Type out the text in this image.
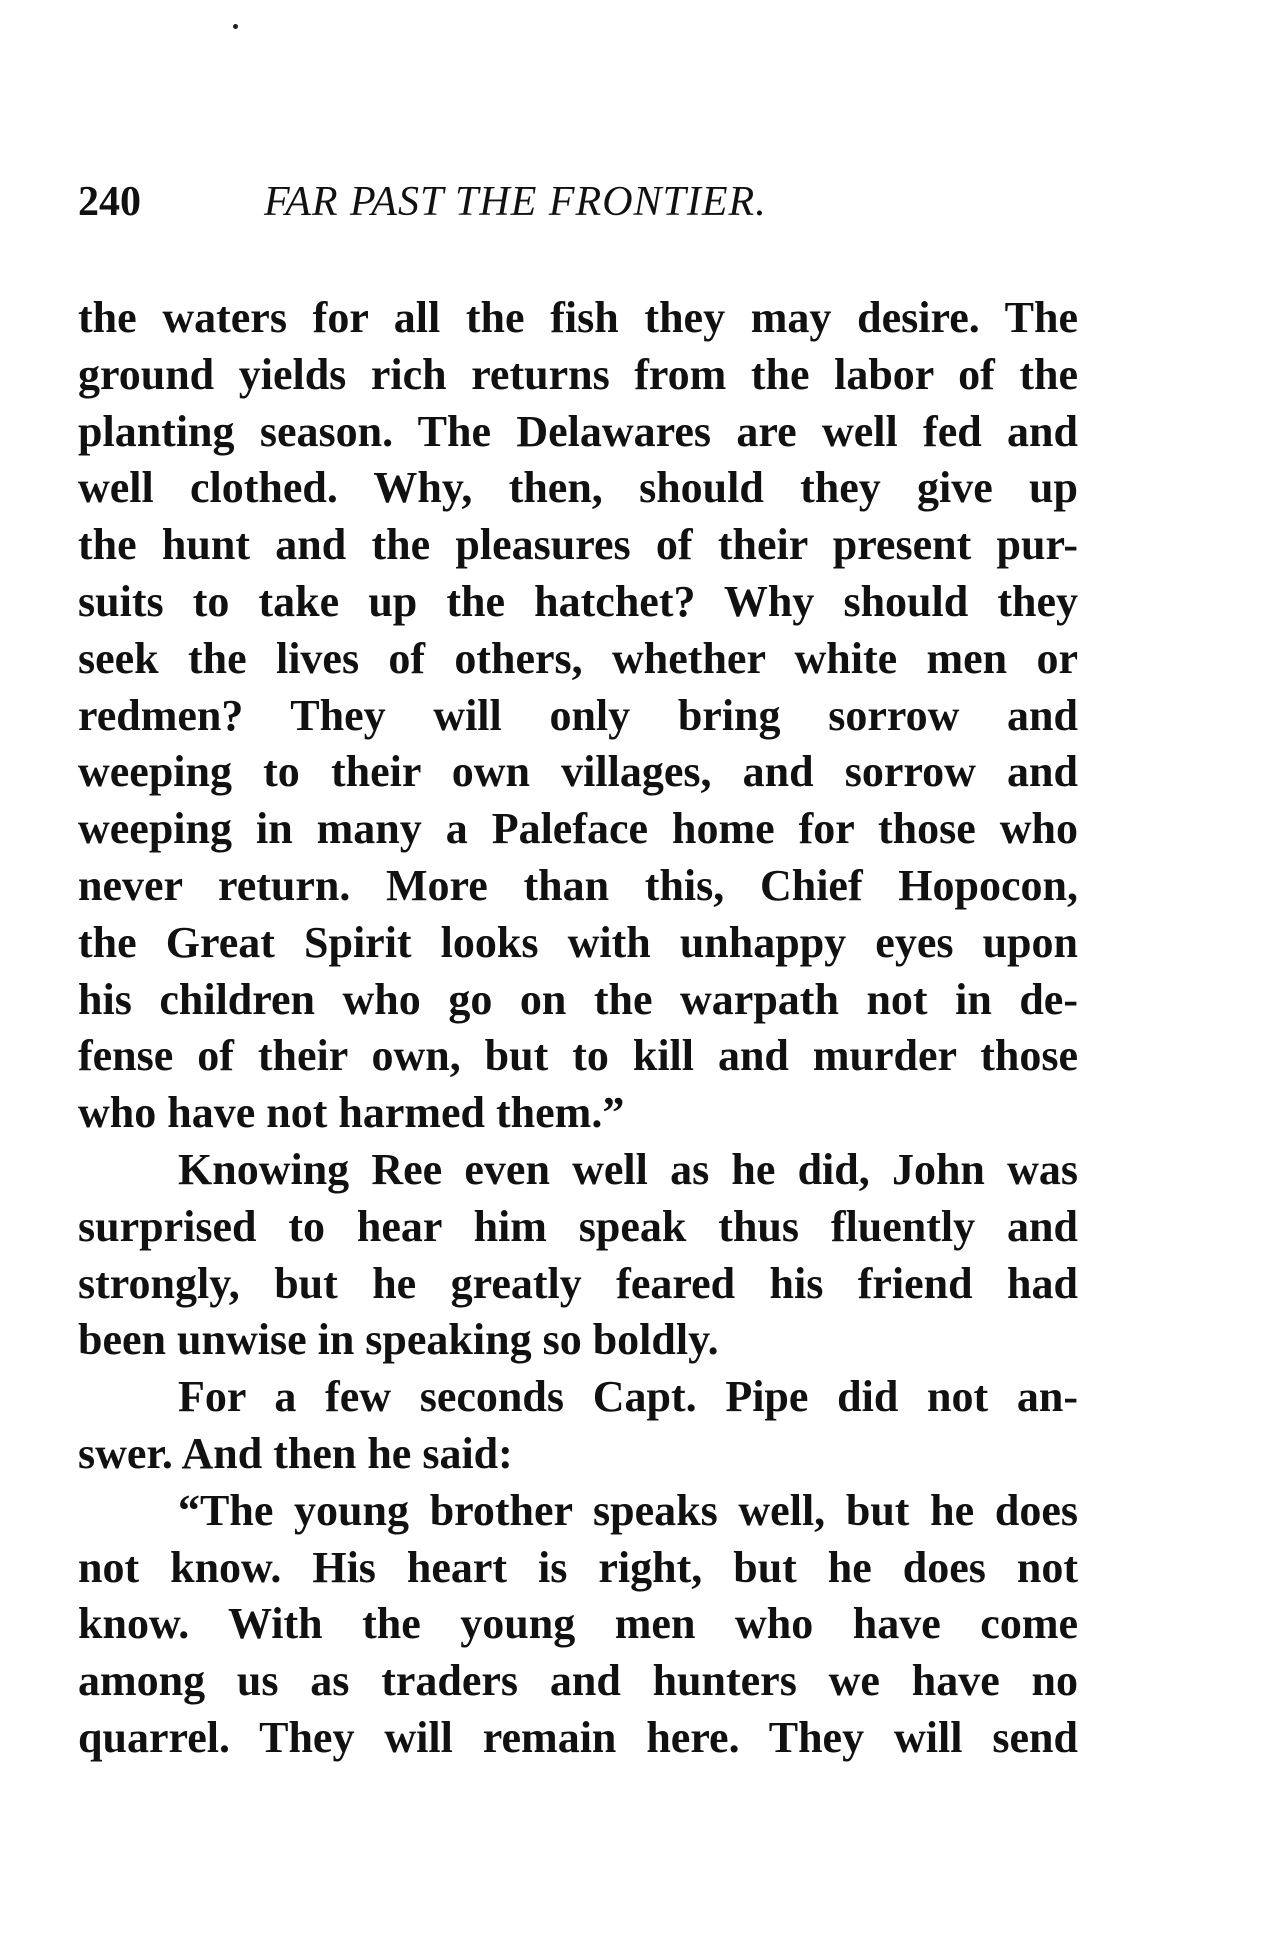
240	FAR PAST THE FRONTIER.
the waters for all the fish they may desire. The
ground yields rich returns from the labor of the
planting season. The Delawares are well fed and
well clothed. Why, then, should they give up
the hunt and the pleasures of their present pur-
suits to take up the hatchet? Why should they
seek the lives of others, whether white men or
redmen? They will only bring sorrow and
weeping to their own villages, and sorrow and
weeping in many a Paleface home for those who
never return. More than this, Chief Hopocon,
the Great Spirit looks with unhappy eyes upon
his children who go on the warpath not in de-
fense of their own, but to kill and murder those
who have not harmed them.”
Knowing Ree even well as he did, John was
surprised to hear him speak thus fluently and
strongly, but he greatly feared his friend had
been unwise in speaking so boldly.
For a few seconds Capt. Pipe did not an-
swer. And then he said:
“The young brother speaks well, but he does
not know. His heart is right, but he does not
know. With the young men who have come
among us as traders and hunters we have no
quarrel. They will remain here. They will send
